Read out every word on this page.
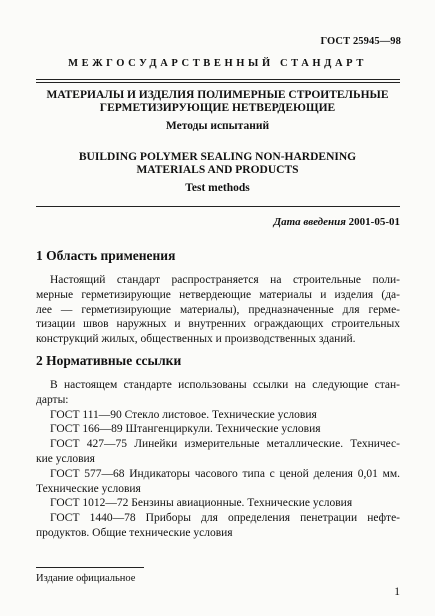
ГОСТ 25945—98
МЕЖГОСУДАРСТВЕННЫЙ СТАНДАРТ
МАТЕРИАЛЫ И ИЗДЕЛИЯ ПОЛИМЕРНЫЕ СТРОИТЕЛЬНЫЕ
ГЕРМЕТИЗИРУЮЩИЕ НЕТВЕРДЕЮЩИЕ
Методы испытаний
BUILDING POLYMER SEALING NON-HARDENING
MATERIALS AND PRODUCTS
Test methods
Дата введения 2001-05-01
1 Область применения
Настоящий стандарт распространяется на строительные поли-
мерные герметизирующие нетвердеющие материалы и изделия (да-
лее — герметизирующие материалы), предназначенные для герме-
тизации швов наружных и внутренних ограждающих строительных
конструкций жилых, общественных и производственных зданий.
2 Нормативные ссылки
В настоящем стандарте использованы ссылки на следующие стан-
дарты:
ГОСТ 111—90 Стекло листовое. Технические условия
ГОСТ 166—89 Штангенциркули. Технические условия
ГОСТ 427—75 Линейки измерительные металлические. Техничес-
кие условия
ГОСТ 577—68 Индикаторы часового типа с ценой деления 0,01 мм.
Технические условия
ГОСТ 1012—72 Бензины авиационные. Технические условия
ГОСТ 1440—78 Приборы для определения пенетрации нефте-
продуктов. Общие технические условия
Издание официальное
1
